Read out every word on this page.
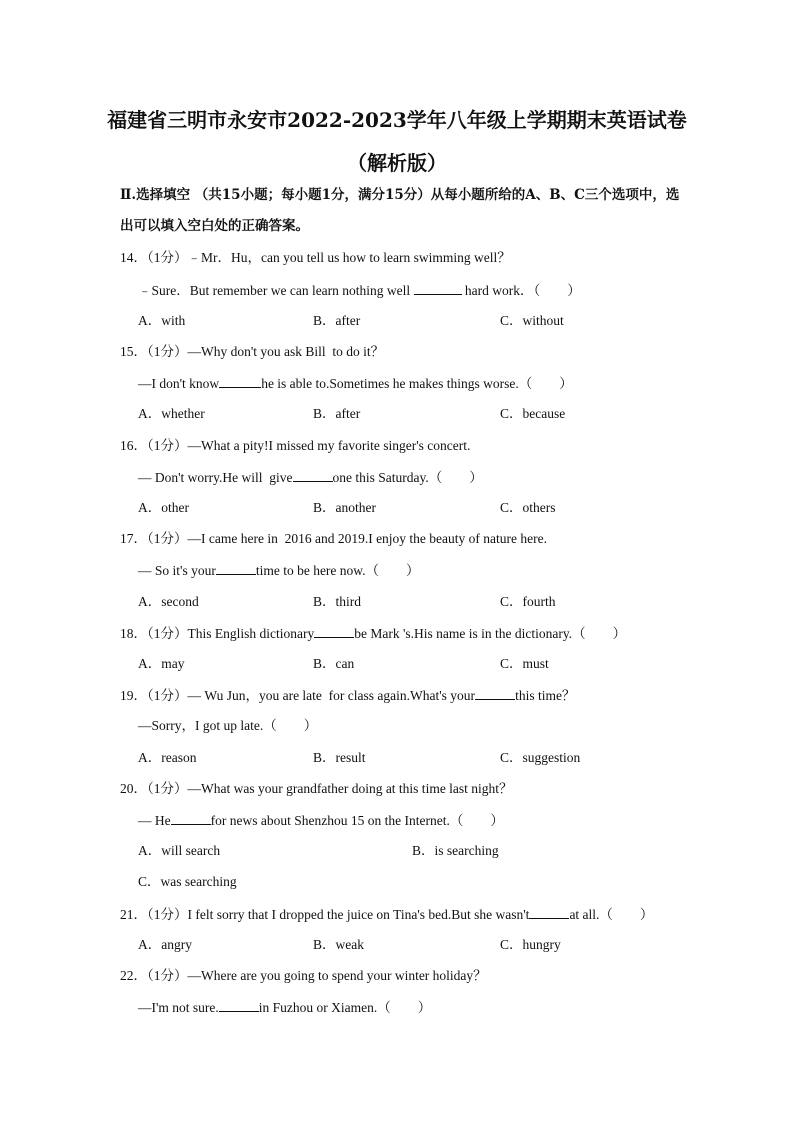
福建省三明市永安市2022-2023学年八年级上学期期末英语试卷
（解析版）
Ⅱ.选择填空 （共15小题；每小题1分，满分15分）从每小题所给的A、B、C三个选项中，选出可以填入空白处的正确答案。
14．（1分）﹣Mr．Hu，can you tell us how to learn swimming well？
﹣Sure．But remember we can learn nothing well	hard work．（　　）
A．with	B．after	C．without
15．（1分）—Why don't you ask Bill  to do it？
—I don't know	he is able to.Sometimes he makes things worse.（　　）
A．whether	B．after	C．because
16．（1分）—What a pity!I missed my favorite singer's concert.
— Don't worry.He will  give	one this Saturday.（　　）
A．other	B．another	C．others
17．（1分）—I came here in  2016 and 2019.I enjoy the beauty of nature here.
— So it's your	time to be here now.（　　）
A．second	B．third	C．fourth
18．（1分）This English dictionary	be Mark 's.His name is in the dictionary.（　　）
A．may	B．can	C．must
19．（1分）— Wu Jun，you are late  for class again.What's your	this time？
—Sorry，I got up late.（　　）
A．reason	B．result	C．suggestion
20．（1分）—What was your grandfather doing at this time last night？
— He	for news about Shenzhou 15 on the Internet.（　　）
A．will search	B．is searching
C．was searching
21．（1分）I felt sorry that I dropped the juice on Tina's bed.But she wasn't	at all.（　　）
A．angry	B．weak	C．hungry
22．（1分）—Where are you going to spend your winter holiday？
—I'm not sure.	in Fuzhou or Xiamen.（　　）
